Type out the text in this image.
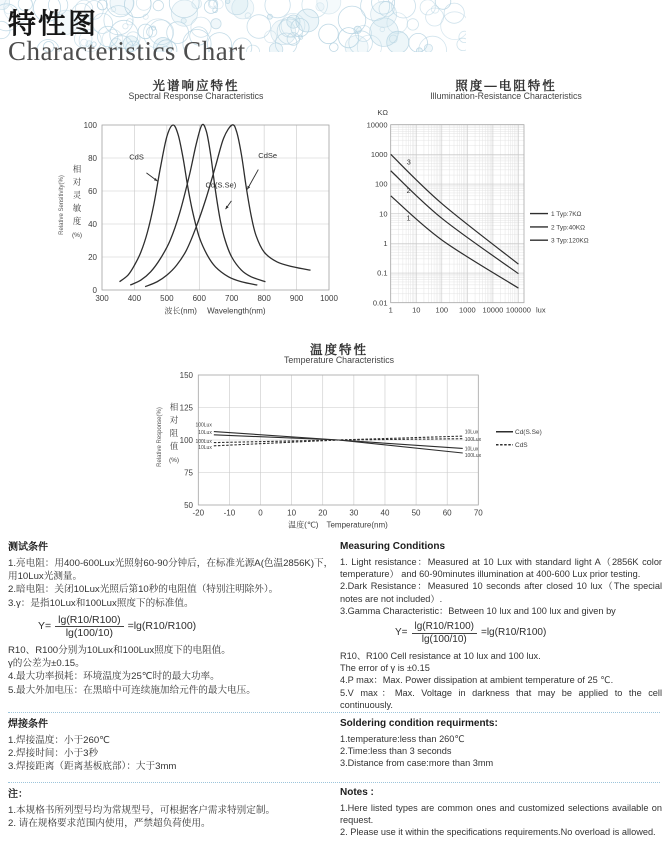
特性图
Characteristics Chart
300 400 500 600 700 800 900 1000
0
20
40
60
80
100
波长(nm)　 Wavelength(nm)
相
对
灵
敏
度
(%)
Relative Sensitivity(%)
CdS
Cd(S.Se)
CdSe
光谱响应特性
Spectral Response Characteristics
KΩ
0.01
0.1
1
10
100
1000
10000
1	10 100 1000 10000 100000 lux
1
2
3
1 Typ:7KΩ
2 Typ:40KΩ
3 Typ:120KΩ
照度—电阻特性
Illumination-Resistance Characteristics
50
75
100
125
150
-20 -10	0	10	20	30	40	50	60	70
温度(℃)　Temperature(nm)
相
对
阻
值
(%)
Relative Response(%)	100Lux
100Lux
10Lux
10Lux
100Lux	100Lux
10Lux
10Lux	Cd(S.Se)
CdS
温度特性
Temperature Characteristics
测试条件

1.亮电阻：用400-600Lux光照射60-90分钟后，在标准光源A(色温2856K)下，用10Lux光测量。

2.暗电阻：关闭10Lux光照后第10秒的电阻值（特别注明除外）。

3.γ：是指10Lux和100Lux照度下的标准值。

$Y= \frac{\lg(R10/R100)}{\lg(100/10)} =\lg(R10/R100)$

R10、R100分别为10Lux和100Lux照度下的电阻值。

γ的公差为±0.15。

4.最大功率损耗：环境温度为25℃时的最大功率。

5.最大外加电压：在黑暗中可连续施加给元件的最大电压。

Measuring Conditions

1. Light resistance：Measured at 10 Lux with standard light A（2856K color temperature） and 60-90minutes illumination at 400-600 Lux prior testing.

2.Dark Resistance：Measured 10 seconds after closed 10 lux（The special notes are not included）.

3.Gamma Characteristic：Between 10 lux and 100 lux and given by

$Y= \frac{\lg(R10/R100)}{\lg(100/10)} =\lg(R10/R100)$

R10、R100 Cell resistance at 10 lux and 100 lux.

The error of γ is ±0.15

4.P max：Max. Power dissipation at ambient temperature of 25 ℃.

5.V max：Max. Voltage in darkness that may be applied to the cell continuously.

焊接条件

1.焊接温度：小于260℃

2.焊接时间：小于3秒

3.焊接距离（距离基板底部）：大于3mm

Soldering condition requirments:

1.temperature:less than 260℃

2.Time:less than 3 seconds

3.Distance from case:more than 3mm

注：

1.本规格书所列型号均为常规型号，可根据客户需求特别定制。

2. 请在规格要求范围内使用，严禁超负荷使用。

Notes :

1.Here listed types are common ones and customized selections available on request.

2. Please use it within the specifications requirements.No overload is allowed.
